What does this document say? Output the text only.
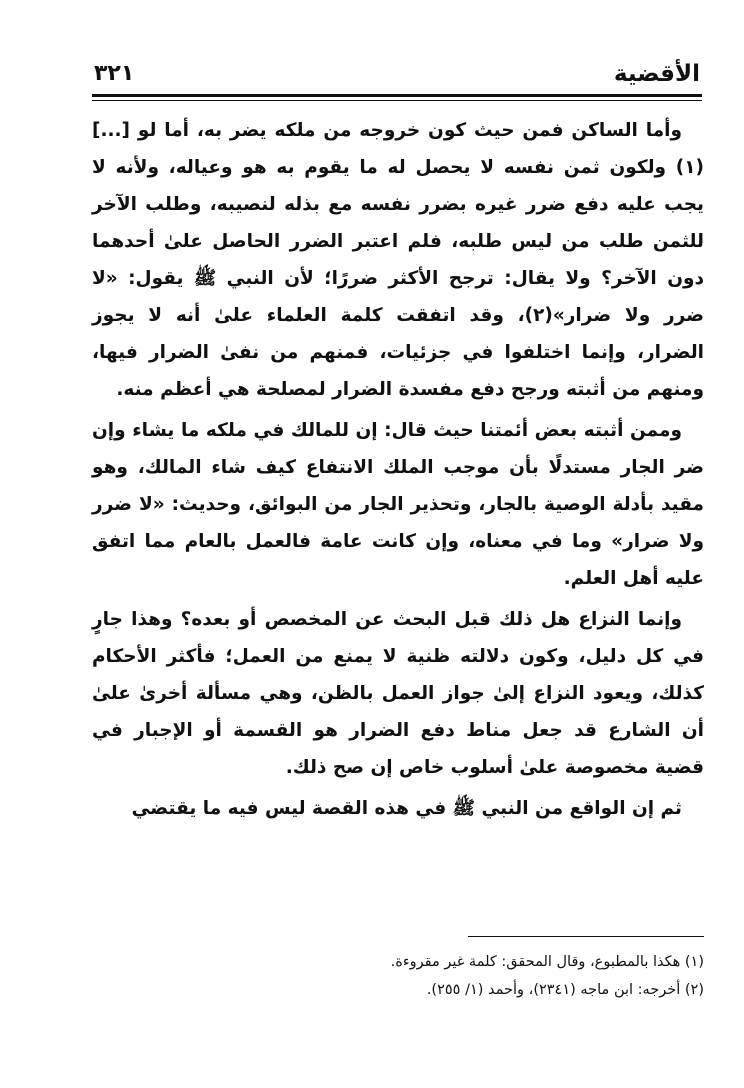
الأقضية
٣٢١

وأما الساكن فمن حيث كون خروجه من ملكه يضر به، أما لو [...](١) ولكون ثمن نفسه لا يحصل له ما يقوم به هو وعياله، ولأنه لا يجب عليه دفع ضرر غيره بضرر نفسه مع بذله لنصيبه، وطلب الآخر للثمن طلب من ليس طلبه، فلم اعتبر الضرر الحاصل علىٰ أحدهما دون الآخر؟ ولا يقال: ترجح الأكثر ضررًا؛ لأن النبي ﷺ يقول: «لا ضرر ولا ضرار»(٢)، وقد اتفقت كلمة العلماء علىٰ أنه لا يجوز الضرار، وإنما اختلفوا في جزئيات، فمنهم من نفىٰ الضرار فيها، ومنهم من أثبته ورجح دفع مفسدة الضرار لمصلحة هي أعظم منه.

وممن أثبته بعض أئمتنا حيث قال: إن للمالك في ملكه ما يشاء وإن ضر الجار مستدلًا بأن موجب الملك الانتفاع كيف شاء المالك، وهو مقيد بأدلة الوصية بالجار، وتحذير الجار من البوائق، وحديث: «لا ضرر ولا ضرار» وما في معناه، وإن كانت عامة فالعمل بالعام مما اتفق عليه أهل العلم.

وإنما النزاع هل ذلك قبل البحث عن المخصص أو بعده؟ وهذا جارٍ في كل دليل، وكون دلالته ظنية لا يمنع من العمل؛ فأكثر الأحكام كذلك، ويعود النزاع إلىٰ جواز العمل بالظن، وهي مسألة أخرىٰ علىٰ أن الشارع قد جعل مناط دفع الضرار هو القسمة أو الإجبار في قضية مخصوصة علىٰ أسلوب خاص إن صح ذلك.

ثم إن الواقع من النبي ﷺ في هذه القصة ليس فيه ما يقتضي

(١) هكذا بالمطبوع، وقال المحقق: كلمة غير مقروءة.

(٢) أخرجه: ابن ماجه (٢٣٤١)، وأحمد (١/ ٢٥٥).
